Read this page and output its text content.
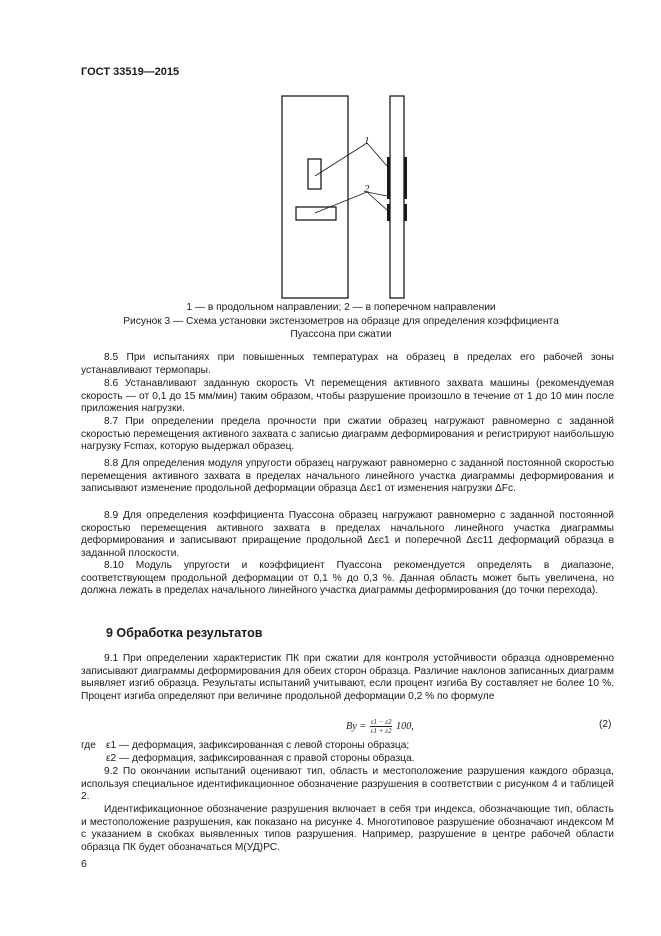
ГОСТ 33519—2015
1
2
1 — в продольном направлении; 2 — в поперечном направлении
Рисунок 3 — Схема установки экстензометров на образце для определения коэффициента
Пуассона при сжатии

8.5 При испытаниях при повышенных температурах на образец в пределах его рабочей зоны устанавливают термопары.

8.6 Устанавливают заданную скорость Vt перемещения активного захвата машины (рекомендуемая скорость — от 0,1 до 15 мм/мин) таким образом, чтобы разрушение произошло в течение от 1 до 10 мин после приложения нагрузки.

8.7 При определении предела прочности при сжатии образец нагружают равномерно с заданной скоростью перемещения активного захвата с записью диаграмм деформирования и регистрируют наибольшую нагрузку Fcmax, которую выдержал образец.

8.8 Для определения модуля упругости образец нагружают равномерно с заданной постоянной скоростью перемещения активного захвата в пределах начального линейного участка диаграммы деформирования и записывают изменение продольной деформации образца Δεc1 от изменения нагрузки ΔFc.

8.9 Для определения коэффициента Пуассона образец нагружают равномерно с заданной постоянной скоростью перемещения активного захвата в пределах начального линейного участка диаграммы деформирования и записывают приращение продольной Δεc1 и поперечной Δεc11 деформаций образца в заданной плоскости.

8.10 Модуль упругости и коэффициент Пуассона рекомендуется определять в диапазоне, соответствующем продольной деформации от 0,1 % до 0,3 %. Данная область может быть увеличена, но должна лежать в пределах начального линейного участка диаграммы деформирования (до точки перехода).

9 Обработка результатов

9.1 При определении характеристик ПК при сжатии для контроля устойчивости образца одновременно записывают диаграммы деформирования для обеих сторон образца. Различие наклонов записанных диаграмм выявляет изгиб образца. Результаты испытаний учитывают, если процент изгиба By составляет не более 10 %. Процент изгиба определяют при величине продольной деформации 0,2 % по формуле

$By = \frac{\varepsilon 1 - \varepsilon 2}{\varepsilon 1 + \varepsilon 2} 100$,	(2)
где ε1 — деформация, зафиксированная с левой стороны образца;
ε2 — деформация, зафиксированная с правой стороны образца.

9.2 По окончании испытаний оценивают тип, область и местоположение разрушения каждого образца, используя специальное идентификационное обозначение разрушения в соответствии с рисунком 4 и таблицей 2.

Идентификационное обозначение разрушения включает в себя три индекса, обозначающие тип, область и местоположение разрушения, как показано на рисунке 4. Многотиповое разрушение обозначают индексом М с указанием в скобках выявленных типов разрушения. Например, разрушение в центре рабочей области образца ПК будет обозначаться М(УД)РС.

6
